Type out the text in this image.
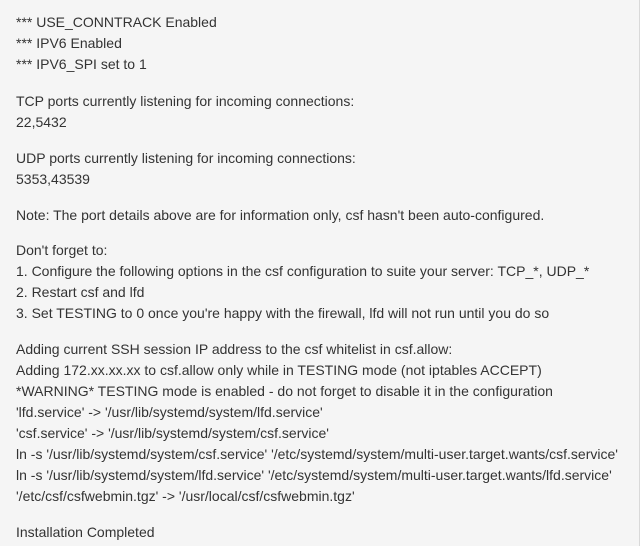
*** USE_CONNTRACK Enabled
*** IPV6 Enabled
*** IPV6_SPI set to 1
TCP ports currently listening for incoming connections:
22,5432
UDP ports currently listening for incoming connections:
5353,43539
Note: The port details above are for information only, csf hasn't been auto-configured.
Don't forget to:
1. Configure the following options in the csf configuration to suite your server: TCP_*, UDP_*
2. Restart csf and lfd
3. Set TESTING to 0 once you're happy with the firewall, lfd will not run until you do so
Adding current SSH session IP address to the csf whitelist in csf.allow:
Adding 172.xx.xx.xx to csf.allow only while in TESTING mode (not iptables ACCEPT)
*WARNING* TESTING mode is enabled - do not forget to disable it in the configuration
'lfd.service' -> '/usr/lib/systemd/system/lfd.service'
'csf.service' -> '/usr/lib/systemd/system/csf.service'
ln -s '/usr/lib/systemd/system/csf.service' '/etc/systemd/system/multi-user.target.wants/csf.service'
ln -s '/usr/lib/systemd/system/lfd.service' '/etc/systemd/system/multi-user.target.wants/lfd.service'
'/etc/csf/csfwebmin.tgz' -> '/usr/local/csf/csfwebmin.tgz'
Installation Completed
